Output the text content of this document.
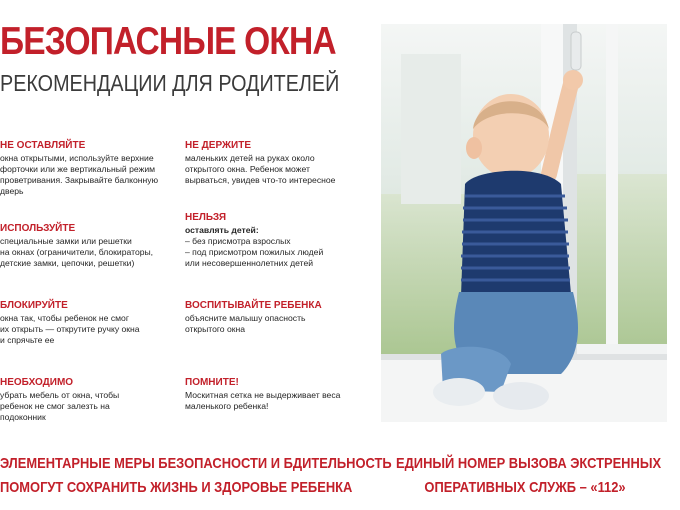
БЕЗОПАСНЫЕ ОКНА
РЕКОМЕНДАЦИИ ДЛЯ РОДИТЕЛЕЙ
НЕ ОСТАВЛЯЙТЕ
окна открытыми, используйте верхние
форточки или же вертикальный режим
проветривания. Закрывайте балконную
дверь
НЕ ДЕРЖИТЕ
маленьких детей на руках около
открытого окна. Ребенок может
вырваться, увидев что-то интересное
ИСПОЛЬЗУЙТЕ
специальные замки или решетки
на окнах (ограничители, блокираторы,
детские замки, цепочки, решетки)
НЕЛЬЗЯ
оставлять детей:
– без присмотра взрослых
– под присмотром пожилых людей
или несовершеннолетних детей
БЛОКИРУЙТЕ
окна так, чтобы ребенок не смог
их открыть — открутите ручку окна
и спрячьте ее
ВОСПИТЫВАЙТЕ РЕБЕНКА
объясните малышу опасность
открытого окна
НЕОБХОДИМО
убрать мебель от окна, чтобы
ребенок не смог залезть на
подоконник
ПОМНИТЕ!
Москитная сетка не выдерживает веса
маленького ребенка!
ЭЛЕМЕНТАРНЫЕ МЕРЫ БЕЗОПАСНОСТИ И БДИТЕЛЬНОСТЬ
ПОМОГУТ СОХРАНИТЬ ЖИЗНЬ И ЗДОРОВЬЕ РЕБЕНКА
ЕДИНЫЙ НОМЕР ВЫЗОВА ЭКСТРЕННЫХ
ОПЕРАТИВНЫХ СЛУЖБ – «112»
